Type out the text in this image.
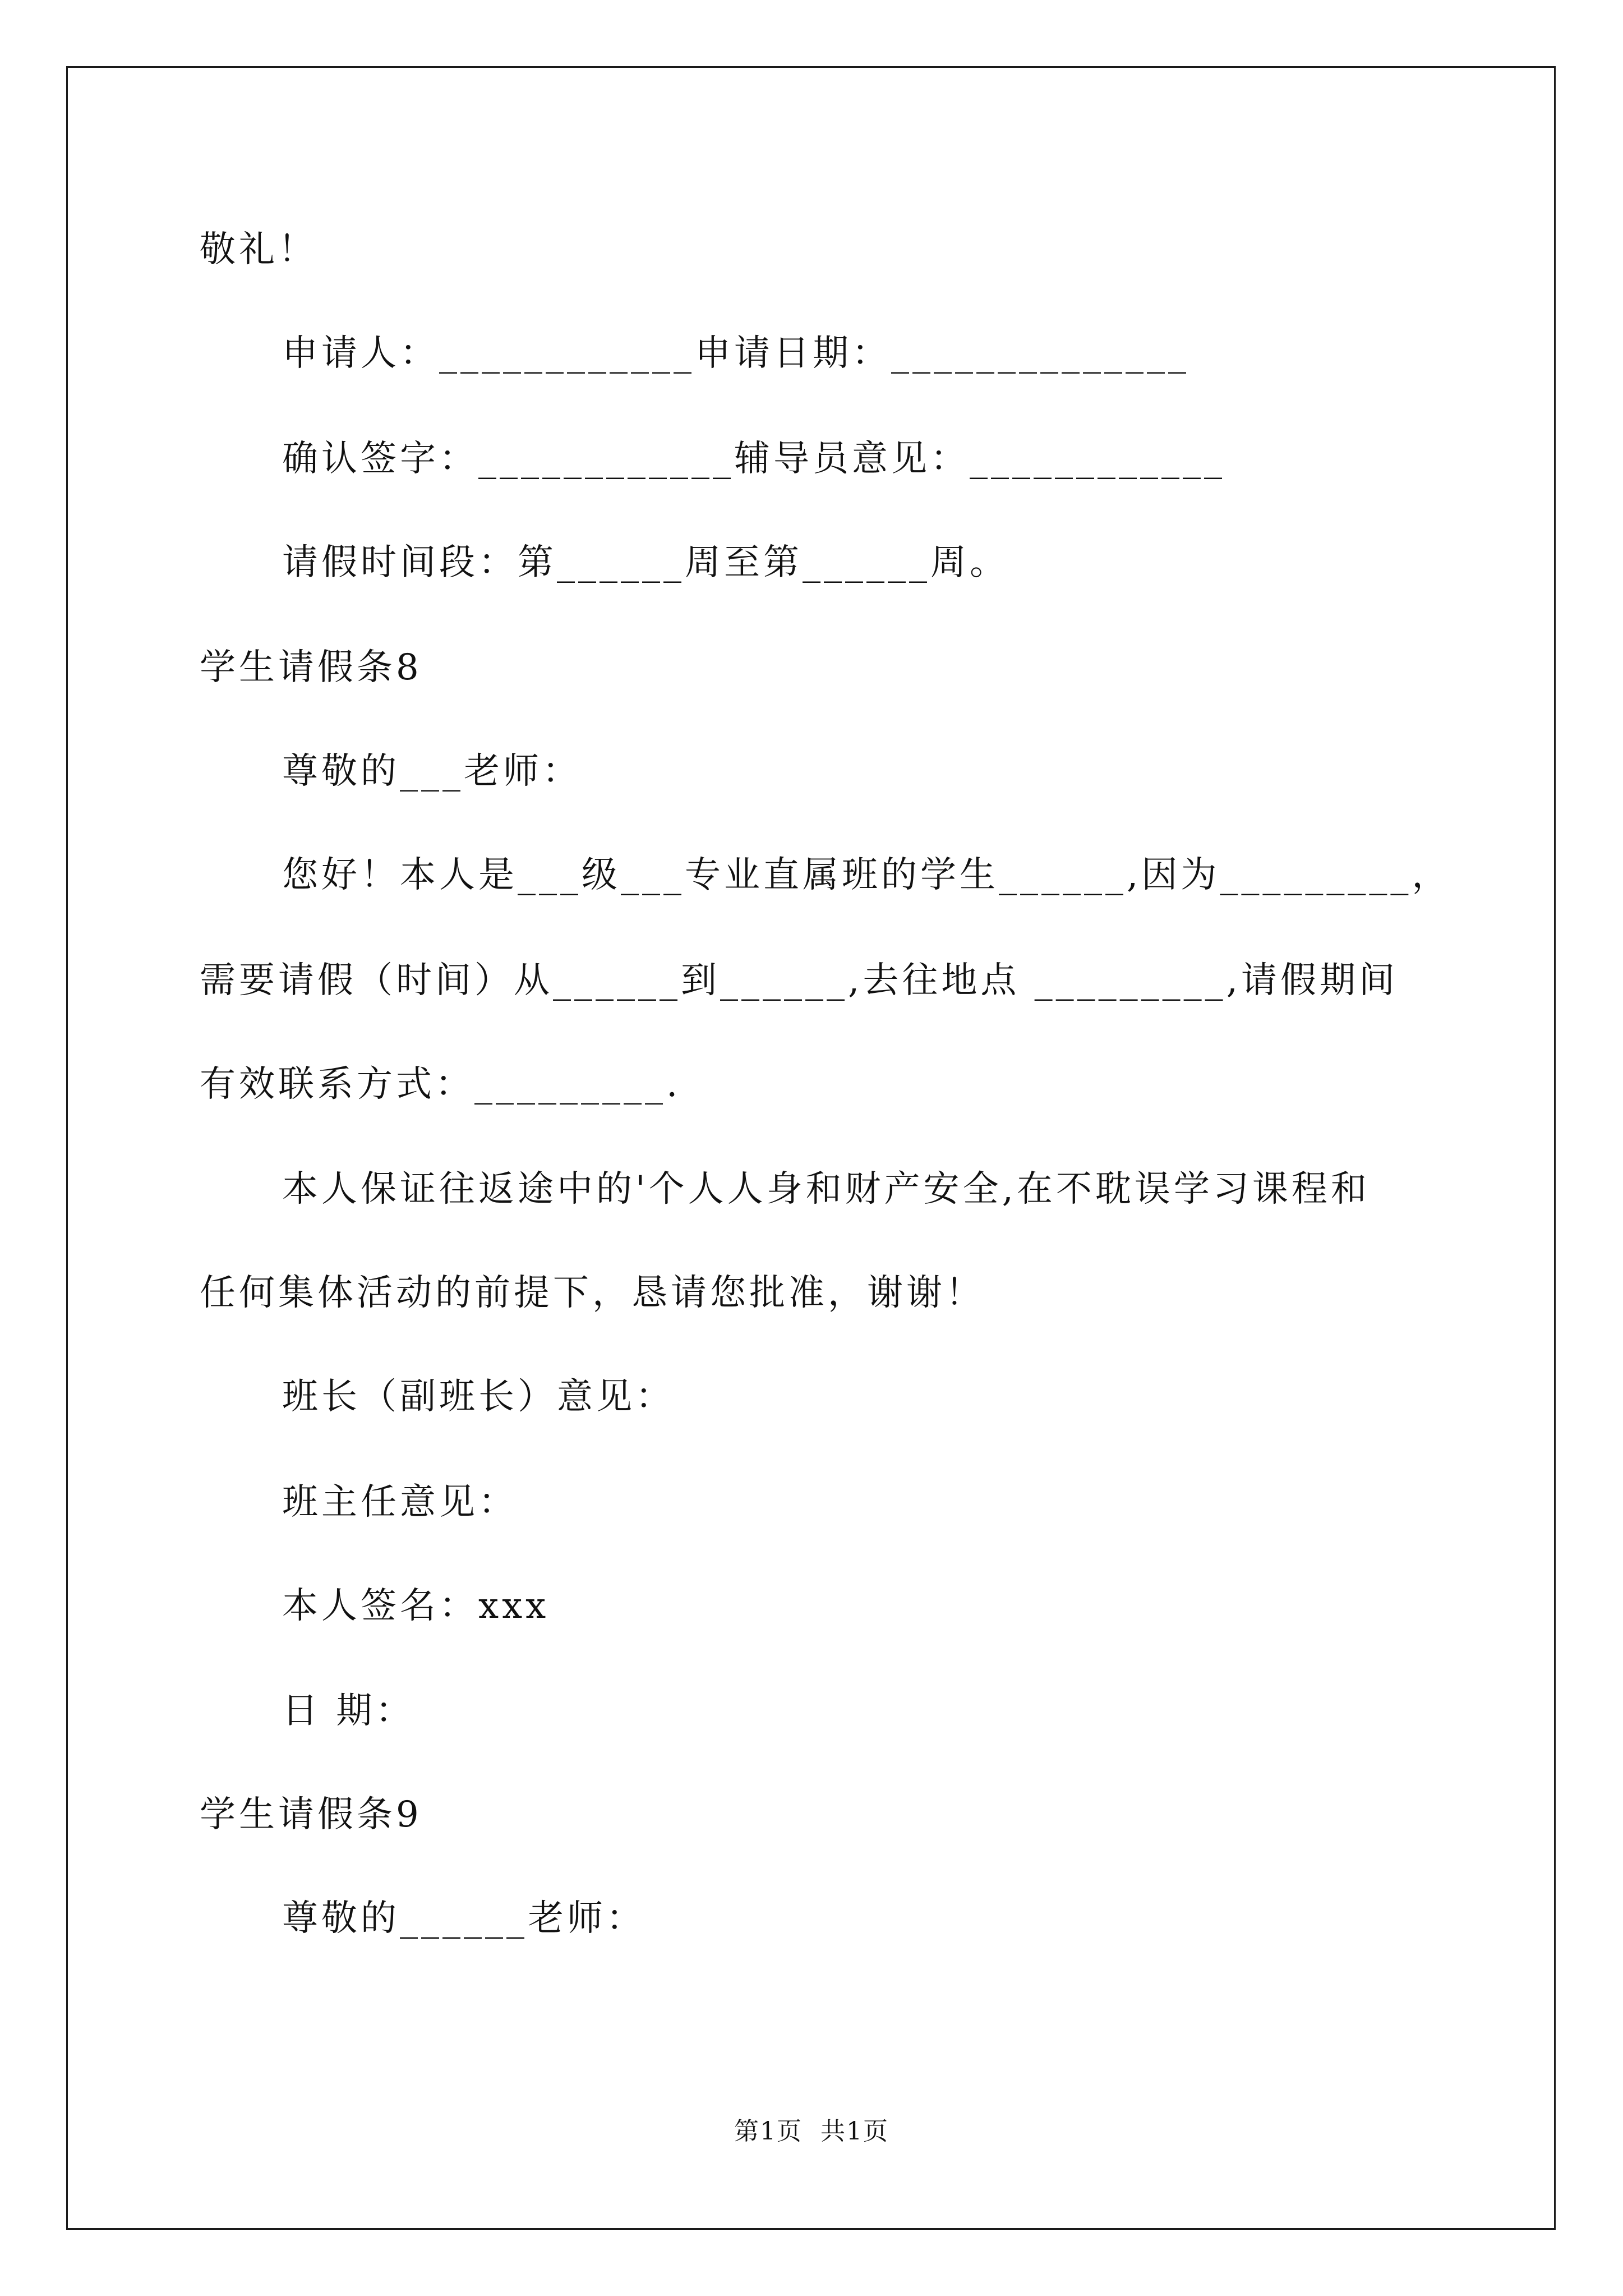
敬礼！
申请人：____________申请日期：______________
确认签字：____________辅导员意见：____________
请假时间段：第______周至第______周。
学生请假条8
尊敬的___老师：
您好！本人是___级___专业直属班的学生______,因为_________，
需要请假（时间）从______到______,去往地点 _________,请假期间
有效联系方式：_________.
本人保证往返途中的'个人人身和财产安全,在不耽误学习课程和
任何集体活动的前提下，恳请您批准，谢谢！
班长（副班长）意见：
班主任意见：
本人签名：xxx
日 期：
学生请假条9
尊敬的______老师：
第1页  共1页
